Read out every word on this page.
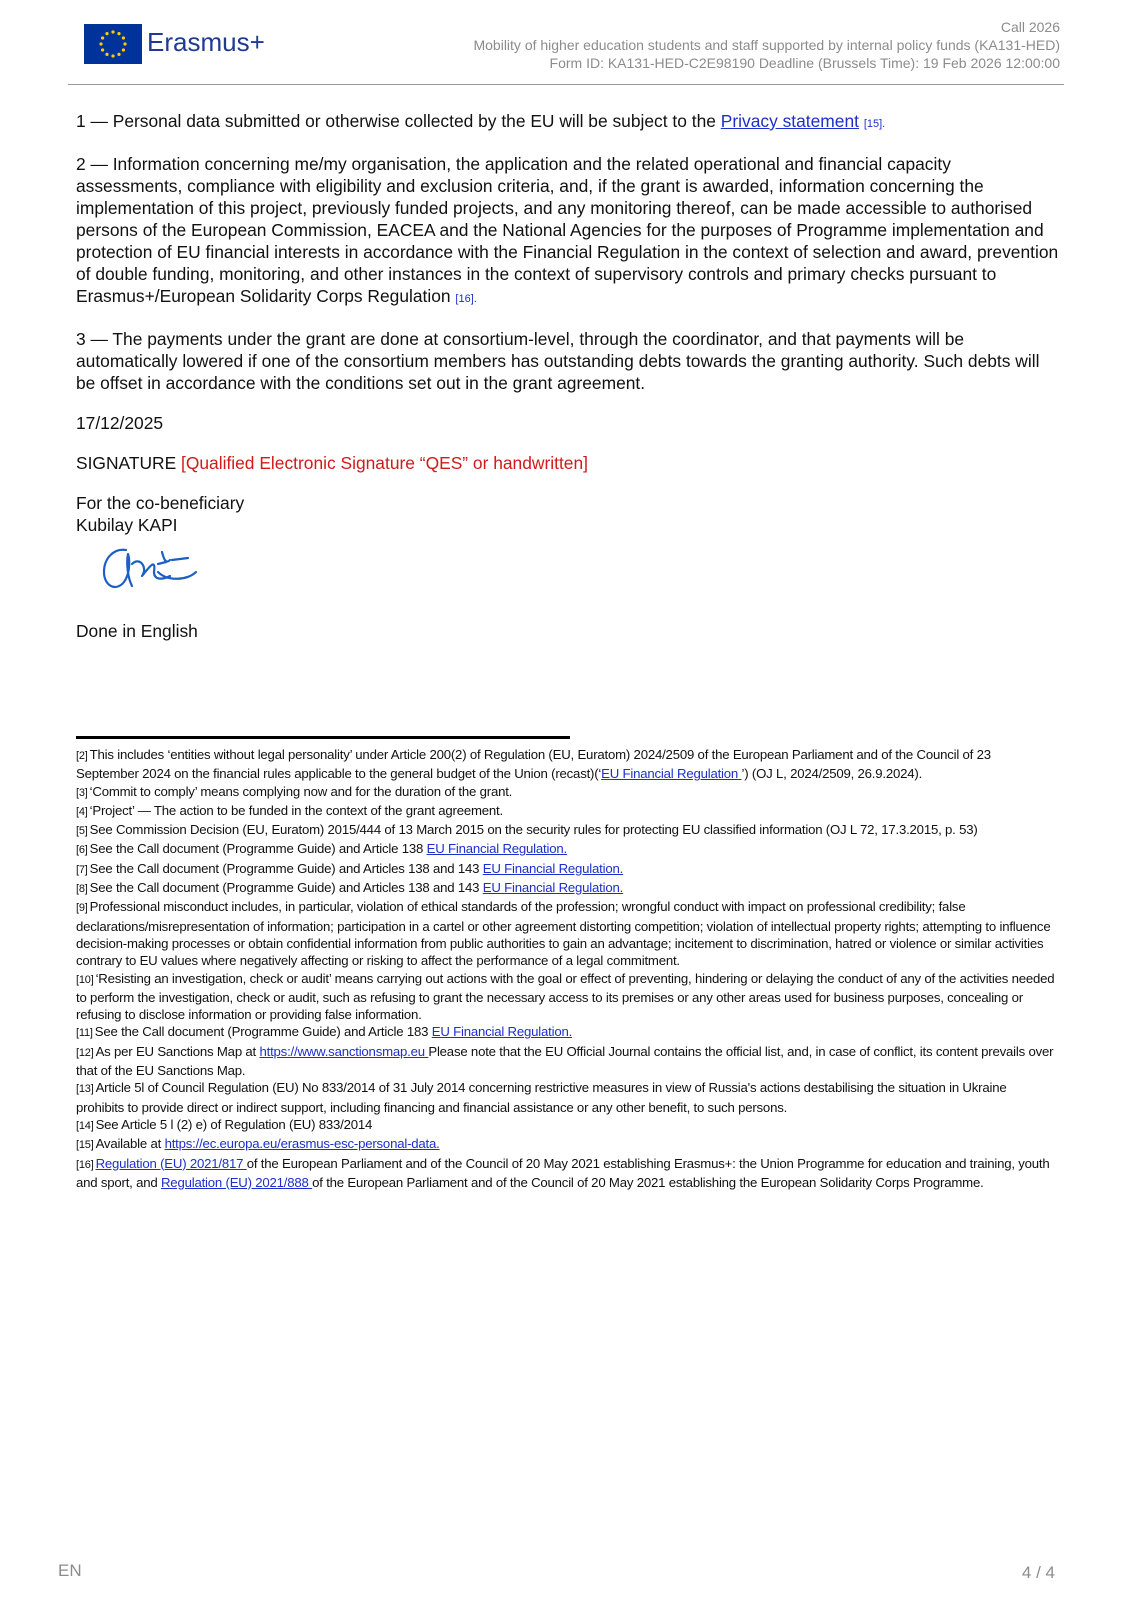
Erasmus+	Call 2026
Mobility of higher education students and staff supported by internal policy funds (KA131-HED)
Form ID: KA131-HED-C2E98190 Deadline (Brussels Time): 19 Feb 2026 12:00:00

1 — Personal data submitted or otherwise collected by the EU will be subject to the Privacy statement [15].

2 — Information concerning me/my organisation, the application and the related operational and financial capacity assessments, compliance with eligibility and exclusion criteria, and, if the grant is awarded, information concerning the implementation of this project, previously funded projects, and any monitoring thereof, can be made accessible to authorised persons of the European Commission, EACEA and the National Agencies for the purposes of Programme implementation and protection of EU financial interests in accordance with the Financial Regulation in the context of selection and award, prevention of double funding, monitoring, and other instances in the context of supervisory controls and primary checks pursuant to Erasmus+/European Solidarity Corps Regulation [16].

3 — The payments under the grant are done at consortium-level, through the coordinator, and that payments will be automatically lowered if one of the consortium members has outstanding debts towards the granting authority. Such debts will be offset in accordance with the conditions set out in the grant agreement.

17/12/2025

SIGNATURE [Qualified Electronic Signature “QES” or handwritten]

For the co-beneficiary
Kubilay KAPI
Done in English

[2] This includes ‘entities without legal personality’ under Article 200(2) of Regulation (EU, Euratom) 2024/2509 of the European Parliament and of the Council of 23 September 2024 on the financial rules applicable to the general budget of the Union (recast)(‘EU Financial Regulation ’) (OJ L, 2024/2509, 26.9.2024).

[3] ‘Commit to comply’ means complying now and for the duration of the grant.

[4] ‘Project’ — The action to be funded in the context of the grant agreement.

[5] See Commission Decision (EU, Euratom) 2015/444 of 13 March 2015 on the security rules for protecting EU classified information (OJ L 72, 17.3.2015, p. 53)

[6] See the Call document (Programme Guide) and Article 138 EU Financial Regulation.

[7] See the Call document (Programme Guide) and Articles 138 and 143 EU Financial Regulation.

[8] See the Call document (Programme Guide) and Articles 138 and 143 EU Financial Regulation.

[9] Professional misconduct includes, in particular, violation of ethical standards of the profession; wrongful conduct with impact on professional credibility; false declarations/misrepresentation of information; participation in a cartel or other agreement distorting competition; violation of intellectual property rights; attempting to influence decision-making processes or obtain confidential information from public authorities to gain an advantage; incitement to discrimination, hatred or violence or similar activities contrary to EU values where negatively affecting or risking to affect the performance of a legal commitment.

[10] ‘Resisting an investigation, check or audit’ means carrying out actions with the goal or effect of preventing, hindering or delaying the conduct of any of the activities needed to perform the investigation, check or audit, such as refusing to grant the necessary access to its premises or any other areas used for business purposes, concealing or refusing to disclose information or providing false information.

[11] See the Call document (Programme Guide) and Article 183 EU Financial Regulation.

[12] As per EU Sanctions Map at https://www.sanctionsmap.eu Please note that the EU Official Journal contains the official list, and, in case of conflict, its content prevails over that of the EU Sanctions Map.

[13] Article 5l of Council Regulation (EU) No 833/2014 of 31 July 2014 concerning restrictive measures in view of Russia's actions destabilising the situation in Ukraine prohibits to provide direct or indirect support, including financing and financial assistance or any other benefit, to such persons.

[14] See Article 5 l (2) e) of Regulation (EU) 833/2014

[15] Available at https://ec.europa.eu/erasmus-esc-personal-data.

[16] Regulation (EU) 2021/817 of the European Parliament and of the Council of 20 May 2021 establishing Erasmus+: the Union Programme for education and training, youth and sport, and Regulation (EU) 2021/888 of the European Parliament and of the Council of 20 May 2021 establishing the European Solidarity Corps Programme.

EN	4 / 4
